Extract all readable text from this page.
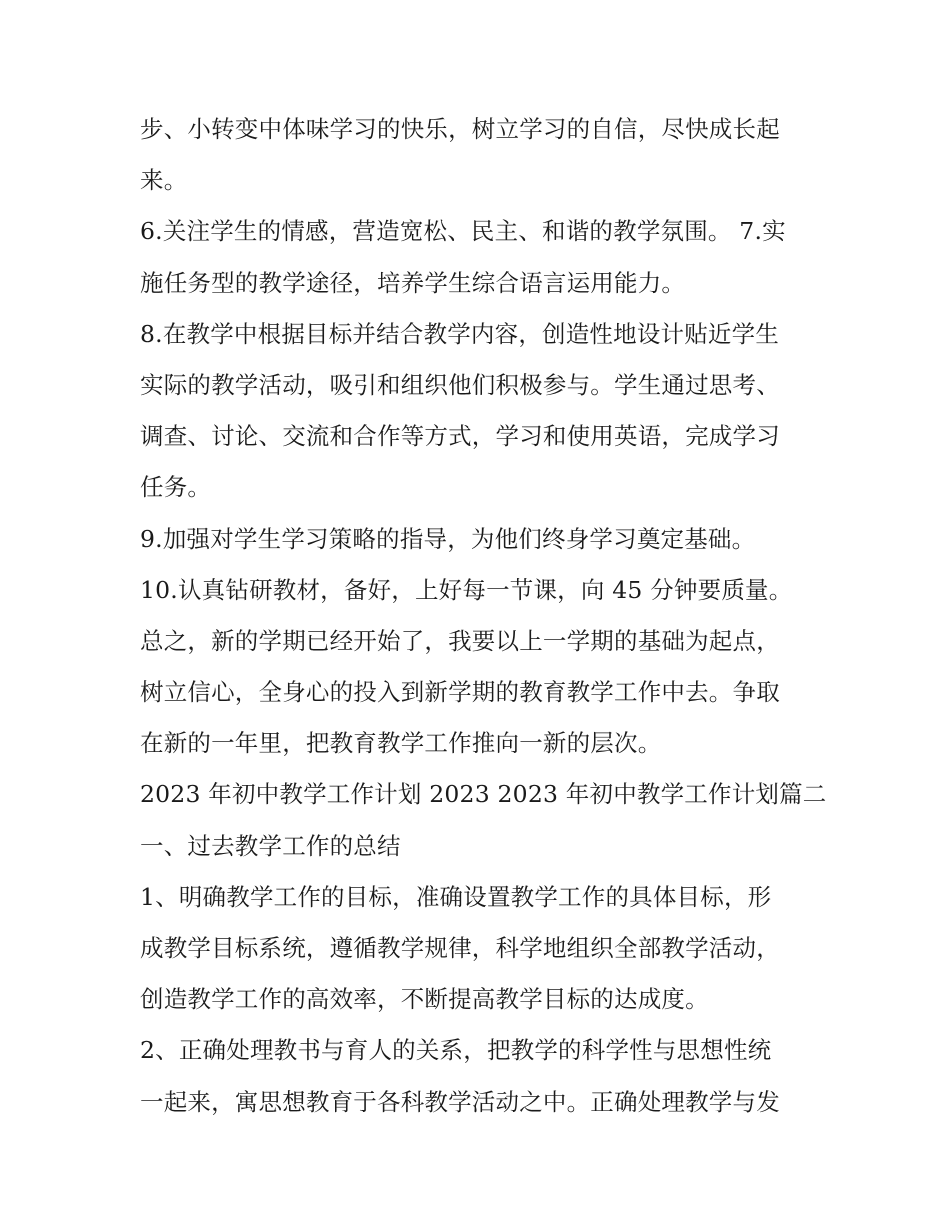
步、小转变中体味学习的快乐，树立学习的自信，尽快成长起
来。
6.关注学生的情感，营造宽松、民主、和谐的教学氛围。 7.实
施任务型的教学途径，培养学生综合语言运用能力。
8.在教学中根据目标并结合教学内容，创造性地设计贴近学生
实际的教学活动，吸引和组织他们积极参与。学生通过思考、
调查、讨论、交流和合作等方式，学习和使用英语，完成学习
任务。
9.加强对学生学习策略的指导，为他们终身学习奠定基础。
10.认真钻研教材，备好，上好每一节课，向 45 分钟要质量。
总之，新的学期已经开始了，我要以上一学期的基础为起点，
树立信心，全身心的投入到新学期的教育教学工作中去。争取
在新的一年里，把教育教学工作推向一新的层次。
2023 年初中教学工作计划 2023 2023 年初中教学工作计划篇二
一、过去教学工作的总结
1、明确教学工作的目标，准确设置教学工作的具体目标，形
成教学目标系统，遵循教学规律，科学地组织全部教学活动，
创造教学工作的高效率，不断提高教学目标的达成度。
2、正确处理教书与育人的关系，把教学的科学性与思想性统
一起来，寓思想教育于各科教学活动之中。正确处理教学与发
